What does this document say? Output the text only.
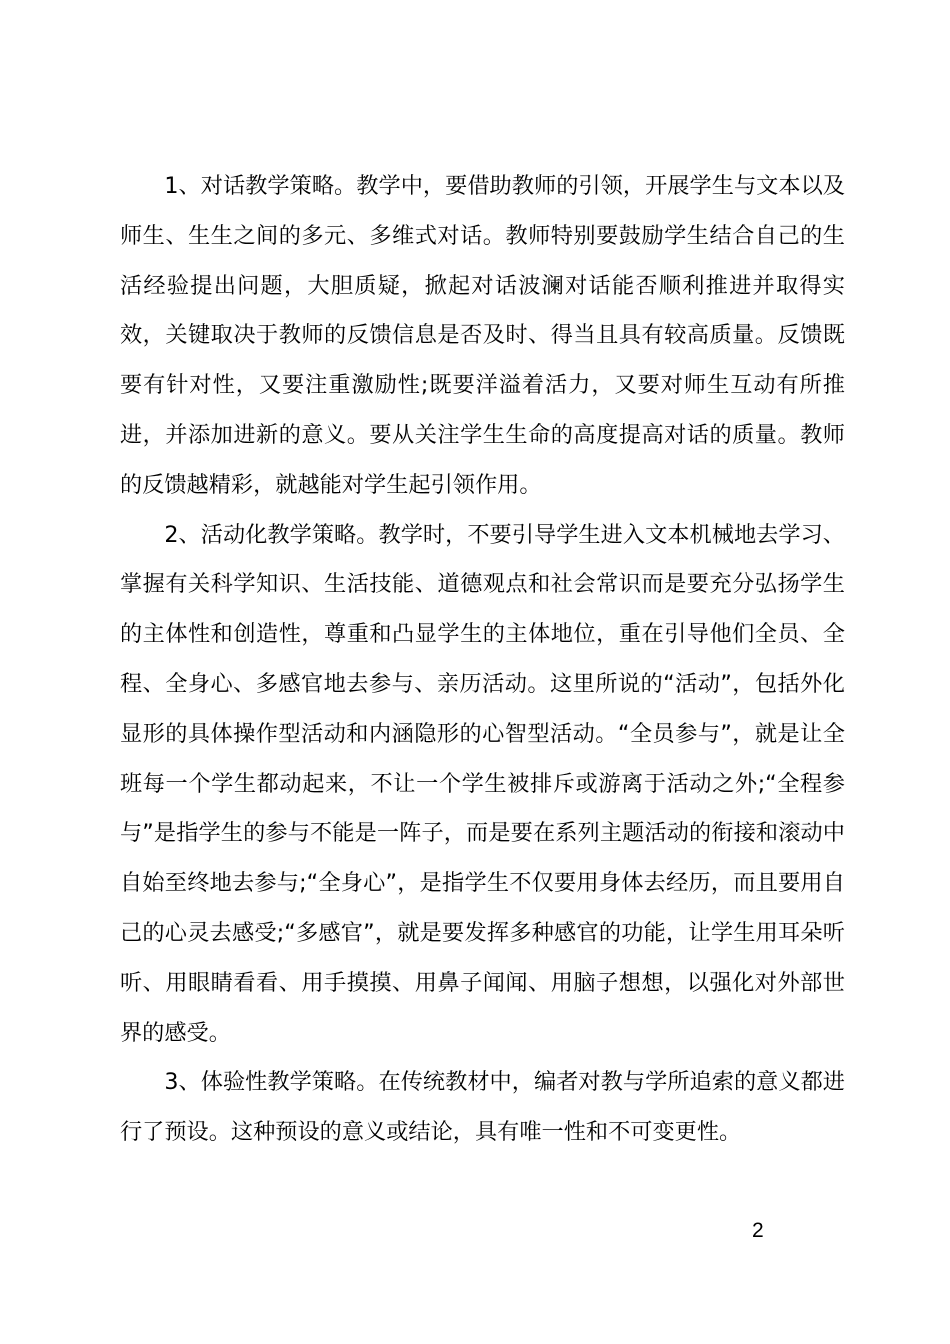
1、对话教学策略。教学中，要借助教师的引领，开展学生与文本以及师生、生生之间的多元、多维式对话。教师特别要鼓励学生结合自己的生活经验提出问题，大胆质疑，掀起对话波澜对话能否顺利推进并取得实效，关键取决于教师的反馈信息是否及时、得当且具有较高质量。反馈既要有针对性，又要注重激励性;既要洋溢着活力，又要对师生互动有所推进，并添加进新的意义。要从关注学生生命的高度提高对话的质量。教师的反馈越精彩，就越能对学生起引领作用。

2、活动化教学策略。教学时，不要引导学生进入文本机械地去学习、掌握有关科学知识、生活技能、道德观点和社会常识而是要充分弘扬学生的主体性和创造性，尊重和凸显学生的主体地位，重在引导他们全员、全程、全身心、多感官地去参与、亲历活动。这里所说的“活动”，包括外化显形的具体操作型活动和内涵隐形的心智型活动。“全员参与”，就是让全班每一个学生都动起来，不让一个学生被排斥或游离于活动之外;“全程参与”是指学生的参与不能是一阵子，而是要在系列主题活动的衔接和滚动中自始至终地去参与;“全身心”，是指学生不仅要用身体去经历，而且要用自己的心灵去感受;“多感官”，就是要发挥多种感官的功能，让学生用耳朵听听、用眼睛看看、用手摸摸、用鼻子闻闻、用脑子想想，以强化对外部世界的感受。

3、体验性教学策略。在传统教材中，编者对教与学所追索的意义都进行了预设。这种预设的意义或结论，具有唯一性和不可变更性。

2
